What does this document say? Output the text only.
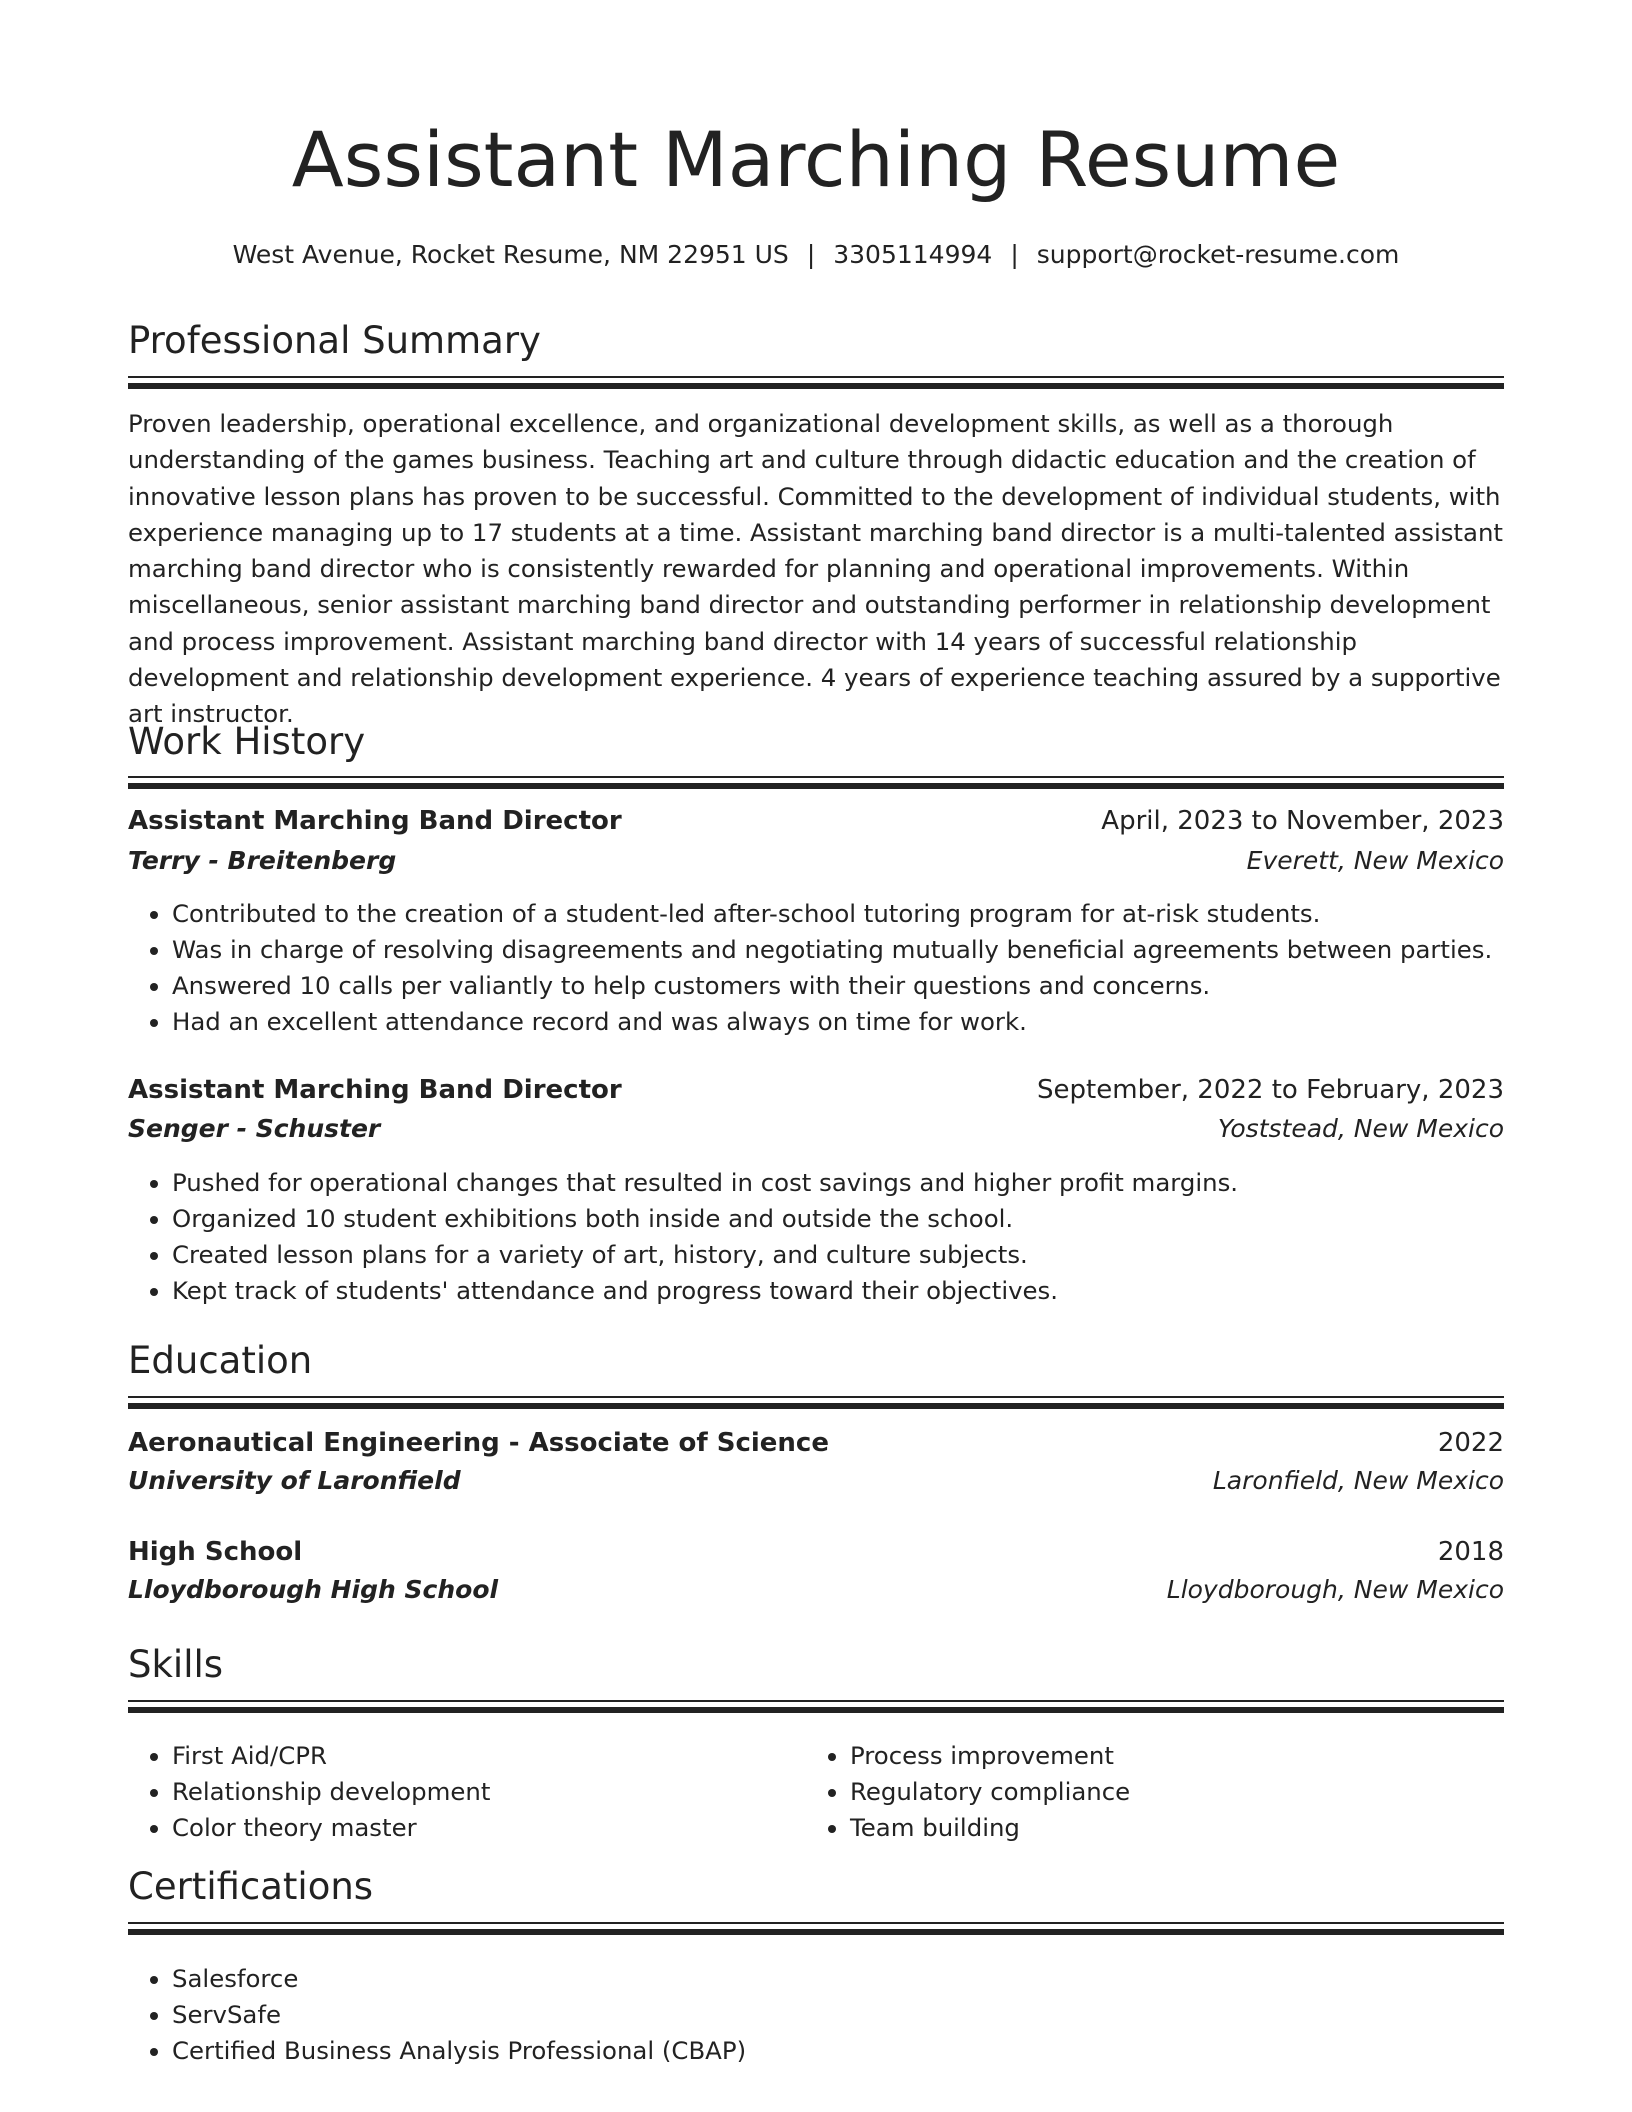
Assistant Marching Resume
West Avenue, Rocket Resume, NM 22951 US | 3305114994 | support@rocket-resume.com
Professional Summary

Proven leadership, operational excellence, and organizational development skills, as well as a thorough understanding of the games business. Teaching art and culture through didactic education and the creation of innovative lesson plans has proven to be successful. Committed to the development of individual students, with experience managing up to 17 students at a time. Assistant marching band director is a multi-talented assistant marching band director who is consistently rewarded for planning and operational improvements. Within miscellaneous, senior assistant marching band director and outstanding performer in relationship development and process improvement. Assistant marching band director with 14 years of successful relationship development and relationship development experience. 4 years of experience teaching assured by a supportive art instructor.

Work History
Assistant Marching Band Director	April, 2023 to November, 2023
Terry - Breitenberg	Everett, New Mexico
• Contributed to the creation of a student-led after-school tutoring program for at-risk students.
• Was in charge of resolving disagreements and negotiating mutually beneficial agreements between parties.
• Answered 10 calls per valiantly to help customers with their questions and concerns.
• Had an excellent attendance record and was always on time for work.
Assistant Marching Band Director	September, 2022 to February, 2023
Senger - Schuster	Yoststead, New Mexico
• Pushed for operational changes that resulted in cost savings and higher profit margins.
• Organized 10 student exhibitions both inside and outside the school.
• Created lesson plans for a variety of art, history, and culture subjects.
• Kept track of students' attendance and progress toward their objectives.
Education
Aeronautical Engineering - Associate of Science	2022
University of Laronfield	Laronfield, New Mexico
High School	2018
Lloydborough High School	Lloydborough, New Mexico
Skills
• First Aid/CPR
• Relationship development
• Color theory master
• Process improvement
• Regulatory compliance
• Team building
Certifications
• Salesforce
• ServSafe
• Certified Business Analysis Professional (CBAP)
